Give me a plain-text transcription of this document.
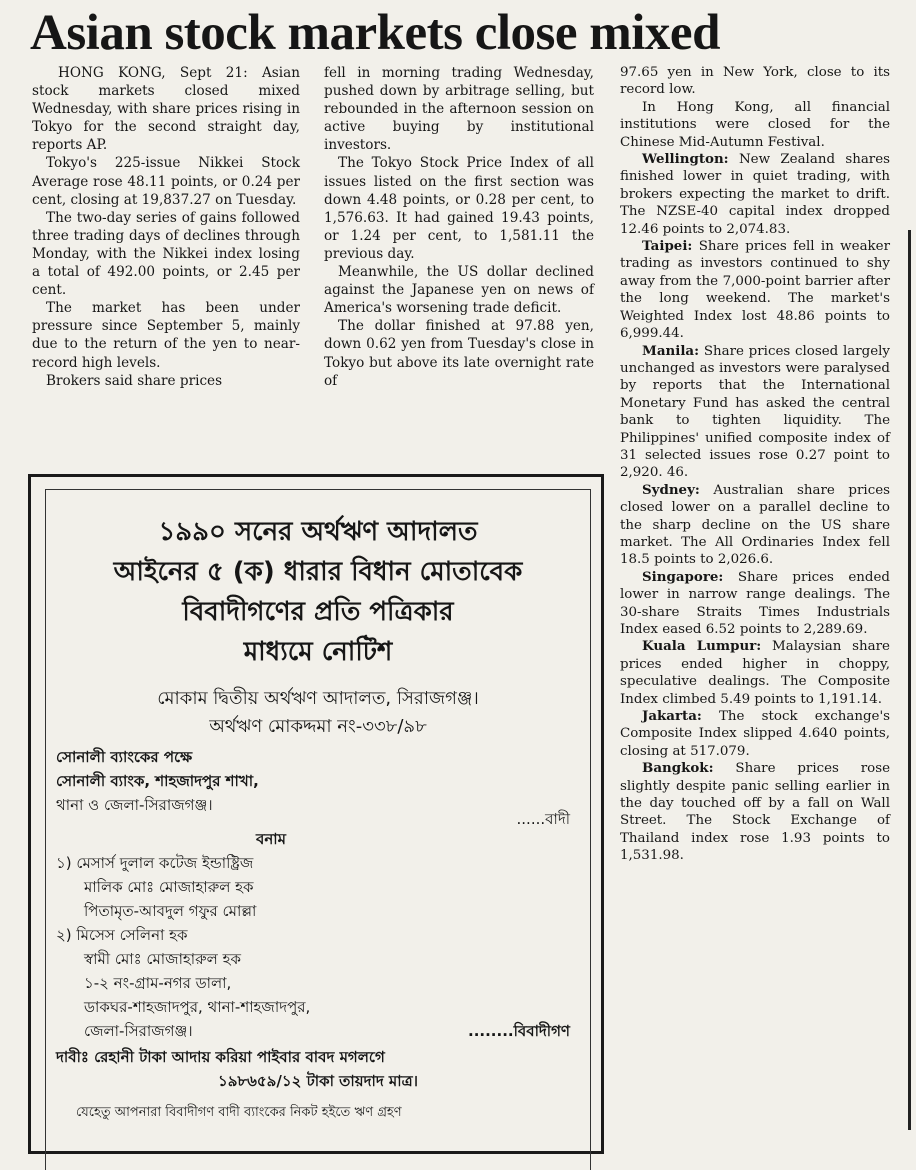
Asian stock markets close mixed

HONG KONG, Sept 21: Asian stock markets closed mixed Wednesday, with share prices rising in Tokyo for the second straight day, reports AP.

Tokyo's 225-issue Nikkei Stock Average rose 48.11 points, or 0.24 per cent, closing at 19,837.27 on Tuesday.

The two-day series of gains followed three trading days of declines through Monday, with the Nikkei index losing a total of 492.00 points, or 2.45 per cent.

The market has been under pressure since September 5, mainly due to the return of the yen to near-record high levels.

Brokers said share prices

fell in morning trading Wednesday, pushed down by arbitrage selling, but rebounded in the afternoon session on active buying by institutional investors.

The Tokyo Stock Price Index of all issues listed on the first section was down 4.48 points, or 0.28 per cent, to 1,576.63. It had gained 19.43 points, or 1.24 per cent, to 1,581.11 the previous day.

Meanwhile, the US dollar declined against the Japanese yen on news of America's worsening trade deficit.

The dollar finished at 97.88 yen, down 0.62 yen from Tuesday's close in Tokyo but above its late overnight rate of

97.65 yen in New York, close to its record low.

In Hong Kong, all financial institutions were closed for the Chinese Mid-Autumn Festival.

Wellington: New Zealand shares finished lower in quiet trading, with brokers expecting the market to drift. The NZSE-40 capital index dropped 12.46 points to 2,074.83.

Taipei: Share prices fell in weaker trading as investors continued to shy away from the 7,000-point barrier after the long weekend. The market's Weighted Index lost 48.86 points to 6,999.44.

Manila: Share prices closed largely unchanged as investors were paralysed by reports that the International Monetary Fund has asked the central bank to tighten liquidity. The Philippines' unified composite index of 31 selected issues rose 0.27 point to 2,920. 46.

Sydney: Australian share prices closed lower on a parallel decline to the sharp decline on the US share market. The All Ordinaries Index fell 18.5 points to 2,026.6.

Singapore: Share prices ended lower in narrow range dealings. The 30-share Straits Times Industrials Index eased 6.52 points to 2,289.69.

Kuala Lumpur: Malaysian share prices ended higher in choppy, speculative dealings. The Composite Index climbed 5.49 points to 1,191.14.

Jakarta: The stock exchange's Composite Index slipped 4.640 points, closing at 517.079.

Bangkok: Share prices rose slightly despite panic selling earlier in the day touched off by a fall on Wall Street. The Stock Exchange of Thailand index rose 1.93 points to 1,531.98.

১৯৯০ সনের অর্থঋণ আদালত
আইনের ৫ (ক) ধারার বিধান মোতাবেক
বিবাদীগণের প্রতি পত্রিকার
মাধ্যমে নোটিশ
মোকাম দ্বিতীয় অর্থঋণ আদালত, সিরাজগঞ্জ।
অর্থঋণ মোকদ্দমা নং-৩৩৮/৯৮
সোনালী ব্যাংকের পক্ষে
সোনালী ব্যাংক, শাহজাদপুর শাখা,
থানা ও জেলা-সিরাজগঞ্জ।
......বাদী
বনাম
১) মেসার্স দুলাল কটেজ ইন্ডাষ্ট্রিজ
মালিক মোঃ মোজাহারুল হক
পিতামৃত-আবদুল গফুর মোল্লা
২) মিসেস সেলিনা হক
স্বামী মোঃ মোজাহারুল হক
১-২ নং-গ্রাম-নগর ডালা,
ডাকঘর-শাহজাদপুর, থানা-শাহজাদপুর,
জেলা-সিরাজগঞ্জ।	........বিবাদীগণ
দাবীঃ রেহানী টাকা আদায় করিয়া পাইবার বাবদ মগলগে
১৯৮৬৫৯/১২ টাকা তায়দাদ মাত্র।
যেহেতু আপনারা বিবাদীগণ বাদী ব্যাংকের নিকট হইতে ঋণ গ্রহণ
